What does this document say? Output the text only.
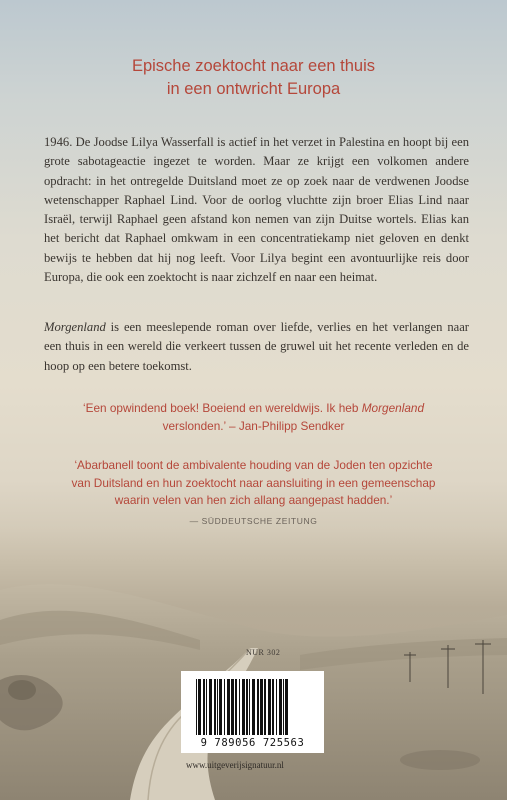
Epische zoektocht naar een thuis
in een ontwricht Europa

1946. De Joodse Lilya Wasserfall is actief in het verzet in Palestina en hoopt bij een grote sabotageactie ingezet te worden. Maar ze krijgt een volkomen andere opdracht: in het ontregelde Duitsland moet ze op zoek naar de verdwenen Joodse wetenschapper Raphael Lind. Voor de oorlog vluchtte zijn broer Elias Lind naar Israël, terwijl Raphael geen afstand kon nemen van zijn Duitse wortels. Elias kan het bericht dat Raphael omkwam in een concentratiekamp niet geloven en denkt bewijs te hebben dat hij nog leeft. Voor Lilya begint een avontuurlijke reis door Europa, die ook een zoektocht is naar zichzelf en naar een heimat.

Morgenland is een meeslepende roman over liefde, verlies en het verlangen naar een thuis in een wereld die verkeert tussen de gruwel uit het recente verleden en de hoop op een betere toekomst.

‘Een opwindend boek! Boeiend en wereldwijs. Ik heb Morgenland
verslonden.’ – Jan-Philipp Sendker
‘Abarbanell toont de ambivalente houding van de Joden ten opzichte
van Duitsland en hun zoektocht naar aansluiting in een gemeenschap
waarin velen van hen zich allang aangepast hadden.’
— SÜDDEUTSCHE ZEITUNG
NUR 302
9 789056 725563
www.uitgeverijsignatuur.nl
